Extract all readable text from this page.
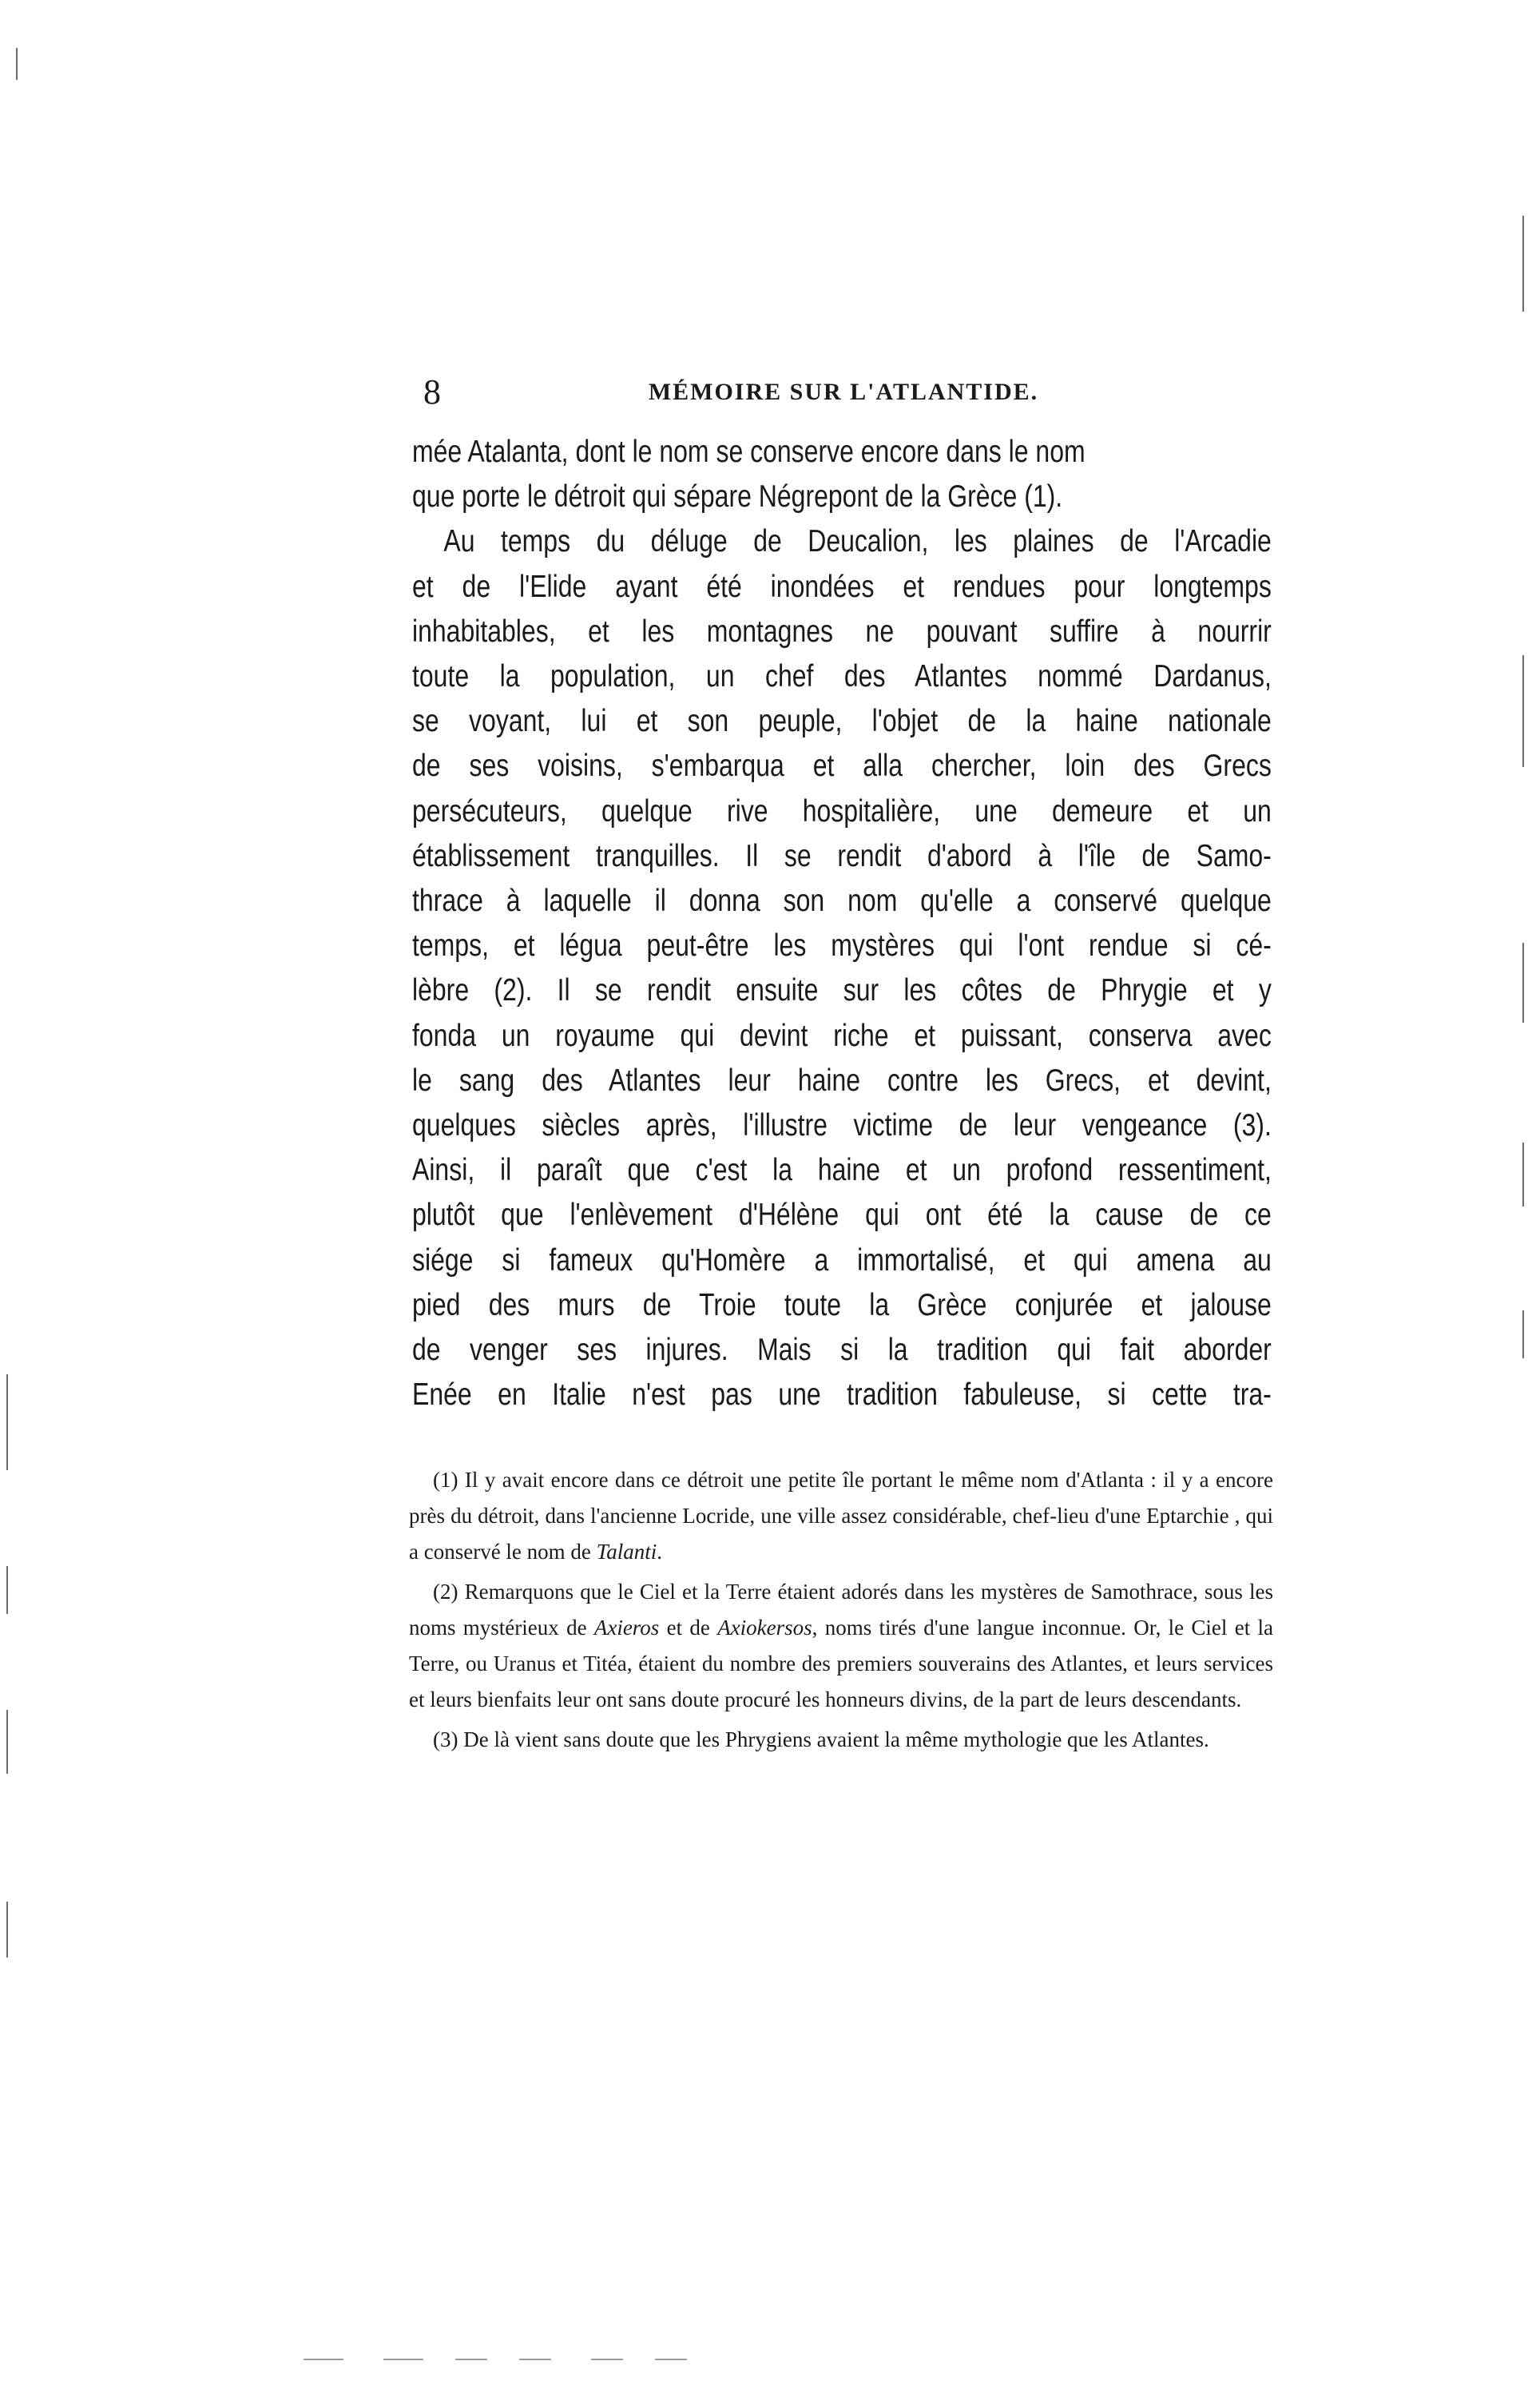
8	MÉMOIRE SUR L'ATLANTIDE.

mée Atalanta, dont le nom se conserve encore dans le nom

que porte le détroit qui sépare Négrepont de la Grèce (1).

Au temps du déluge de Deucalion, les plaines de l'Arcadie

et de l'Elide ayant été inondées et rendues pour longtemps

inhabitables, et les montagnes ne pouvant suffire à nourrir

toute la population, un chef des Atlantes nommé Dardanus,

se voyant, lui et son peuple, l'objet de la haine nationale

de ses voisins, s'embarqua et alla chercher, loin des Grecs

persécuteurs, quelque rive hospitalière, une demeure et un

établissement tranquilles. Il se rendit d'abord à l'île de Samo-

thrace à laquelle il donna son nom qu'elle a conservé quelque

temps, et légua peut-être les mystères qui l'ont rendue si cé-

lèbre (2). Il se rendit ensuite sur les côtes de Phrygie et y

fonda un royaume qui devint riche et puissant, conserva avec

le sang des Atlantes leur haine contre les Grecs, et devint,

quelques siècles après, l'illustre victime de leur vengeance (3).

Ainsi, il paraît que c'est la haine et un profond ressentiment,

plutôt que l'enlèvement d'Hélène qui ont été la cause de ce

siége si fameux qu'Homère a immortalisé, et qui amena au

pied des murs de Troie toute la Grèce conjurée et jalouse

de venger ses injures. Mais si la tradition qui fait aborder

Enée en Italie n'est pas une tradition fabuleuse, si cette tra-

(1) Il y avait encore dans ce détroit une petite île portant le même nom d'Atlanta : il y a encore près du détroit, dans l'ancienne Locride, une ville assez considérable, chef-lieu d'une Eptarchie , qui a conservé le nom de Talanti.

(2) Remarquons que le Ciel et la Terre étaient adorés dans les mystères de Samothrace, sous les noms mystérieux de Axieros et de Axiokersos, noms tirés d'une langue inconnue. Or, le Ciel et la Terre, ou Uranus et Titéa, étaient du nombre des premiers souverains des Atlantes, et leurs services et leurs bienfaits leur ont sans doute procuré les honneurs divins, de la part de leurs descendants.

(3) De là vient sans doute que les Phrygiens avaient la même mythologie que les Atlantes.
